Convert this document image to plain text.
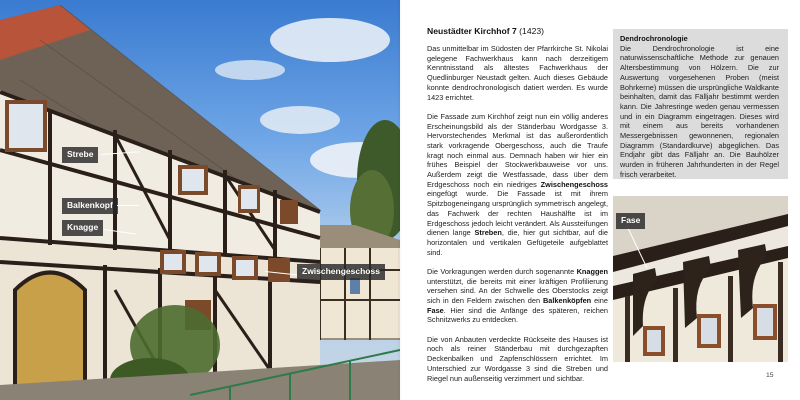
Strebe
Balkenkopf
Knagge
Zwischengeschoss
Neustädter Kirchhof 7 (1423)

Das unmittelbar im Südosten der Pfarrkirche St. Nikolai gelegene Fachwerkhaus kann nach derzeitigem Kenntnisstand als ältestes Fachwerkhaus der Quedlinburger Neustadt gelten. Auch dieses Gebäude konnte dendrochronologisch datiert werden. Es wurde 1423 errichtet.

Die Fassade zum Kirchhof zeigt nun ein völlig anderes Erscheinungsbild als der Ständerbau Wordgasse 3. Hervorstechendes Merkmal ist das außerordentlich stark vorkragende Obergeschoss, auch die Traufe kragt noch einmal aus. Demnach haben wir hier ein frühes Beispiel der Stockwerkbauweise vor uns. Außerdem zeigt die Westfassade, dass über dem Erdgeschoss noch ein niedriges Zwischengeschoss eingefügt wurde. Die Fassade ist mit ihrem Spitzbogeneingang ursprünglich symmetrisch angelegt, das Fachwerk der rechten Haushälfte ist im Erdgeschoss jedoch leicht verändert. Als Aussteifungen dienen lange Streben, die, hier gut sichtbar, auf die horizontalen und vertikalen Gefügeteile aufgeblattet sind.

Die Vorkragungen werden durch sogenannte Knaggen unterstützt, die bereits mit einer kräftigen Profilierung versehen sind. An der Schwelle des Oberstocks zeigt sich in den Feldern zwischen den Balkenköpfen eine Fase. Hier sind die Anfänge des späteren, reichen Schnitzwerks zu entdecken.

Die von Anbauten verdeckte Rückseite des Hauses ist noch als reiner Ständerbau mit durchgezapften Deckenbalken und Zapfenschlössern errichtet. Im Unterschied zur Wordgasse 3 sind die Streben und Riegel nun außenseitig verzimmert und sichtbar.

Dendrochronologie
Die Dendrochronologie ist eine naturwissenschaftliche Methode zur genauen Altersbestimmung von Hölzern. Die zur Auswertung vorgesehenen Proben (meist Bohrkerne) müssen die ursprüngliche Waldkante beinhalten, damit das Fälljahr bestimmt werden kann. Die Jahresringe weden genau vermessen und in ein Diagramm eingetragen. Dieses wird mit einem aus bereits vorhandenen Messergebnissen gewonnenen, regionalen Diagramm (Standardkurve) abgeglichen. Das Endjahr gibt das Fälljahr an. Die Bauhölzer wurden in früheren Jahrhunderten in der Regel frisch verarbeitet.
Fase
15
